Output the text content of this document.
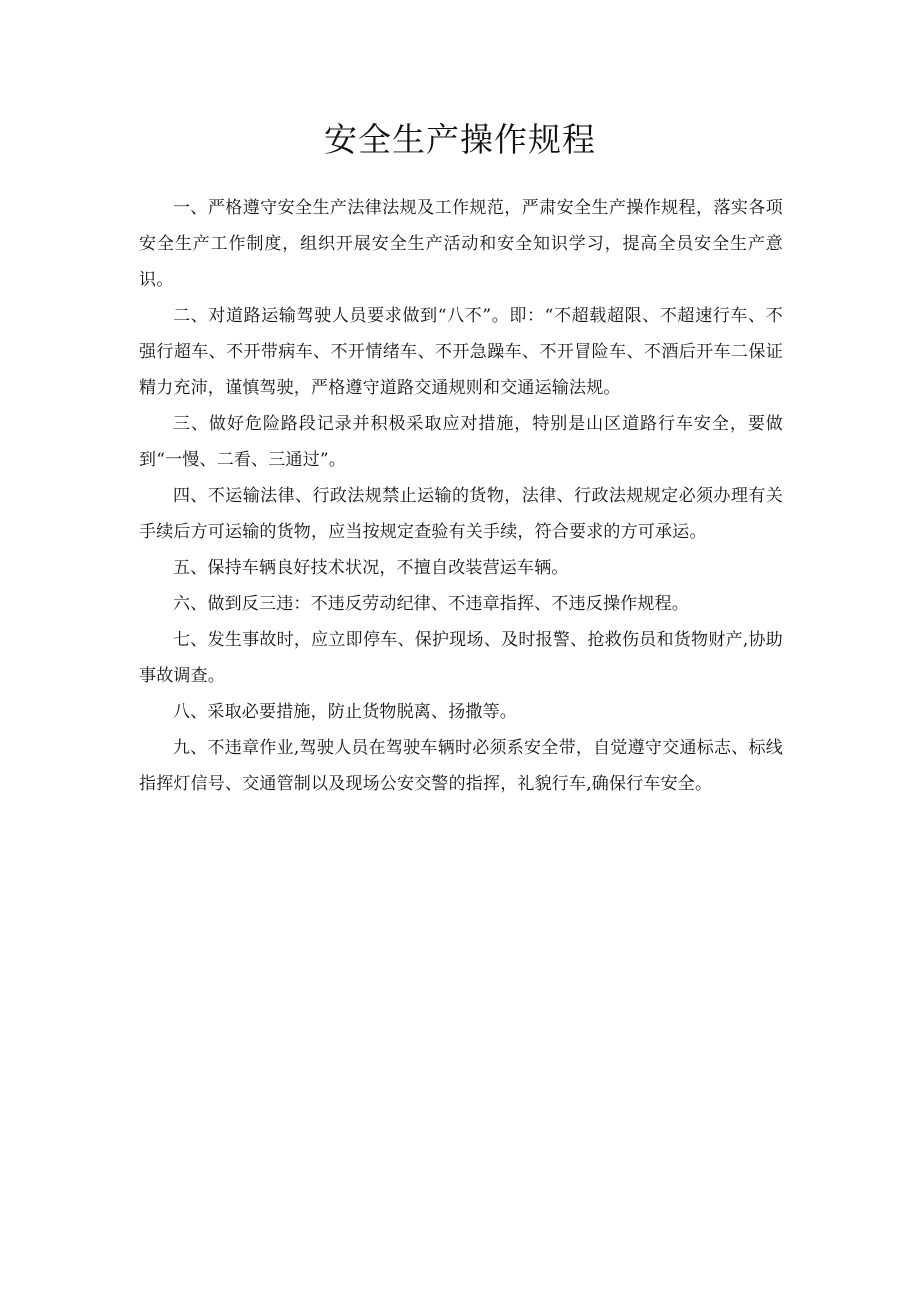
安全生产操作规程

一、严格遵守安全生产法律法规及工作规范，严肃安全生产操作规程，落实各项安全生产工作制度，组织开展安全生产活动和安全知识学习，提高全员安全生产意识。

二、对道路运输驾驶人员要求做到“八不”。即：“不超载超限、不超速行车、不强行超车、不开带病车、不开情绪车、不开急躁车、不开冒险车、不酒后开车二保证精力充沛，谨慎驾驶，严格遵守道路交通规则和交通运输法规。

三、做好危险路段记录并积极采取应对措施，特别是山区道路行车安全，要做到“一慢、二看、三通过”。

四、不运输法律、行政法规禁止运输的货物，法律、行政法规规定必须办理有关手续后方可运输的货物，应当按规定查验有关手续，符合要求的方可承运。

五、保持车辆良好技术状况，不擅自改装营运车辆。

六、做到反三违：不违反劳动纪律、不违章指挥、不违反操作规程。

七、发生事故时，应立即停车、保护现场、及时报警、抢救伤员和货物财产,协助事故调查。

八、采取必要措施，防止货物脱离、扬撒等。

九、不违章作业,驾驶人员在驾驶车辆时必须系安全带，自觉遵守交通标志、标线指挥灯信号、交通管制以及现场公安交警的指挥，礼貌行车,确保行车安全。
